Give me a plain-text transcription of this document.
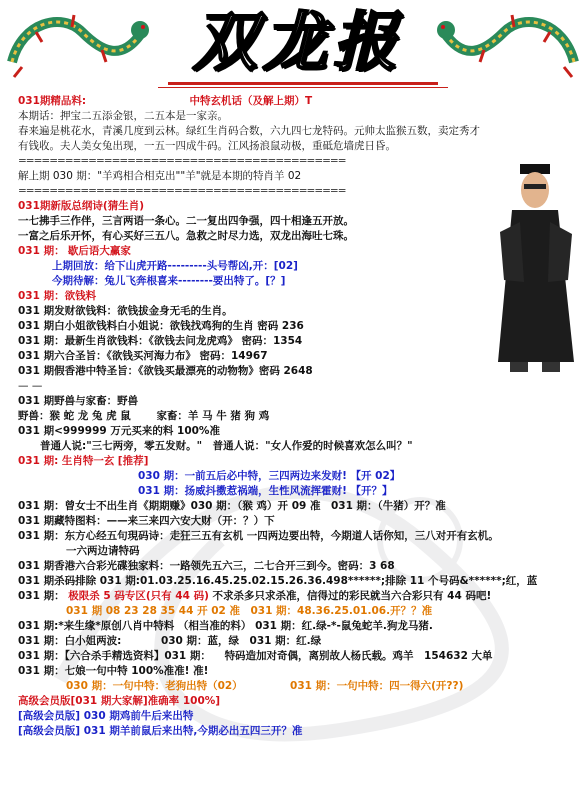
双龙报
031期精品料:	中特玄机话（及解上期）T
本期话：押宝二五添金银，二五本是一家亲。
春来遍是桃花水，青溪几度到云林。绿红生肖码合数，六九四七龙特码。元帅太监猴五数，卖定秀才
有钱收。夫人美女兔出现，一五一四成牛码。江风扬浪鼠动极，重砥危墙虎日昏。
==========================================
解上期 030 期："羊鸡相合相克出""羊"就是本期的特肖羊 02
==========================================
031期新版总纲诗(猜生肖)
一七拂手三作伴，三言两语一条心。二一复出四争强，四十相逢五开放。
一富之后乐开怀，有心买好三五八。急救之时尽力选，双龙出海吐七珠。
031 期： 歇后语大赢家
上期回放：给下山虎开路---------头号帮凶,开：[02]
今期待解：兔儿飞奔根喜来--------要出特了。[？]
031 期：欲钱料
031 期发财欲钱料：欲钱拔金身无毛的生肖。
031 期白小姐欲钱料白小姐说：欲钱找鸡狗的生肖 密码 236
031 期：最新生肖欲钱料：《欲钱去问龙虎鸡》 密码：1354
031 期六合圣旨：《欲钱买河海力布》 密码：14967
031 期假香港中特圣旨：《欲钱买最漂亮的动物物》密码 2648
— —
031 期野兽与家畜：野兽
野兽：猴 蛇 龙 兔 虎 鼠 家畜：羊 马 牛 猪 狗 鸡
031 期<999999 万元买来的料 100%准
普通人说:"三七两旁，零五发财。"　普通人说："女人作爱的时候喜欢怎么叫？"
031 期: 生肖特一玄 [推荐]
030 期：一前五后必中特，三四两边来发财! 【开 02】
031 期：扬威抖擞惹祸端，生性风流挥霍财! 【开？】
031 期：曾女士不出生肖《期期赚》030 期：（猴 鸡）开 09 准　031 期：（牛猪）开？准
031 期藏特图料：——来三来四六安大财（开：？）下
031 期：东方心经五句現码诗：走狂三五有玄机 一四两边要出特，今期道人话你知，三八对开有玄机。
一六两边请特码
031 期香港六合彩光碟独家料：一路领先五六三，二七合开三到今。密码：3 68
031 期杀码排除 031 期:01.03.25.16.45.25.02.15.26.36.498******;排除 11 个号码&******;红，蓝
031 期： 极限杀 5 码专区(只有 44 码) 不求杀多只求杀准，信得过的彩民就当六合彩只有 44 码吧!
031 期 08 23 28 35 44 开 02 准　031 期：48.36.25.01.06.开？？准
031 期:*来生缘*原创八肖中特料 （相当准的料） 031 期：红.绿-*-鼠兔蛇羊.狗龙马猪.
031 期：白小姐两波:	030 期：蓝，绿　031 期：红.绿
031 期：【六合杀手精选资料】031 期： 特码造加对奇偶，离别故人杨氏载。鸡羊　154632 大单
031 期：七娘一句中特 100%准准! 准!
030 期：一句中特：老狗出特（02）	031 期：一句中特：四一得六(开??)
高级会员版[031 期大家解]准确率 100%]
[高级会员版] 030 期鸡前牛后来出特
[高级会员版] 031 期羊前鼠后来出特,今期必出五四三开？准
